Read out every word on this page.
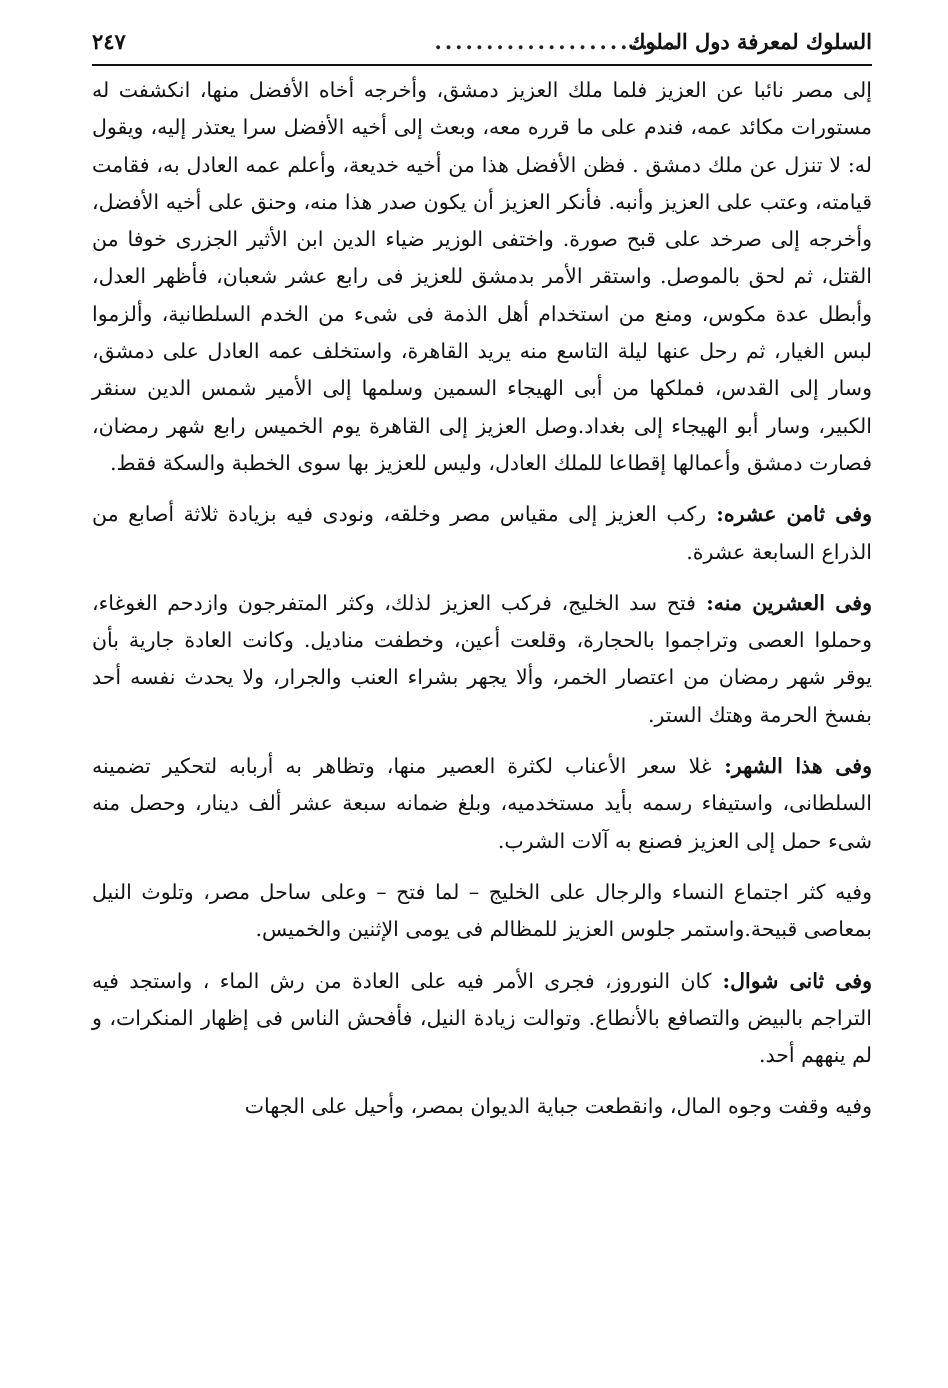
السلوك لمعرفة دول الملوك
........................
٢٤٧

إلى مصر نائبا عن العزيز فلما ملك العزيز دمشق، وأخرجه أخاه الأفضل منها، انكشفت له مستورات مكائد عمه، فندم على ما قرره معه، وبعث إلى أخيه الأفضل سرا يعتذر إليه، ويقول له: لا تنزل عن ملك دمشق . فظن الأفضل هذا من أخيه خديعة، وأعلم عمه العادل به، فقامت قيامته، وعتب على العزيز وأنبه. فأنكر العزيز أن يكون صدر هذا منه، وحنق على أخيه الأفضل، وأخرجه إلى صرخد على قبح صورة. واختفى الوزير ضياء الدين ابن الأثير الجزرى خوفا من القتل، ثم لحق بالموصل. واستقر الأمر بدمشق للعزيز فى رابع عشر شعبان، فأظهر العدل، وأبطل عدة مكوس، ومنع من استخدام أهل الذمة فى شىء من الخدم السلطانية، وألزموا لبس الغيار، ثم رحل عنها ليلة التاسع منه يريد القاهرة، واستخلف عمه العادل على دمشق، وسار إلى القدس، فملكها من أبى الهيجاء السمين وسلمها إلى الأمير شمس الدين سنقر الكبير، وسار أبو الهيجاء إلى بغداد.وصل العزيز إلى القاهرة يوم الخميس رابع شهر رمضان، فصارت دمشق وأعمالها إقطاعا للملك العادل، وليس للعزيز بها سوى الخطبة والسكة فقط.

وفى ثامن عشره:ركب العزيز إلى مقياس مصر وخلقه، ونودى فيه بزيادة ثلاثة أصابع من الذراع السابعة عشرة.

وفى العشرين منه:فتح سد الخليج، فركب العزيز لذلك، وكثر المتفرجون وازدحم الغوغاء، وحملوا العصى وتراجموا بالحجارة، وقلعت أعين، وخطفت مناديل. وكانت العادة جارية بأن يوقر شهر رمضان من اعتصار الخمر، وألا يجهر بشراء العنب والجرار، ولا يحدث نفسه أحد بفسخ الحرمة وهتك الستر.

وفى هذا الشهر:غلا سعر الأعناب لكثرة العصير منها، وتظاهر به أربابه لتحكير تضمينه السلطانى، واستيفاء رسمه بأيد مستخدميه، وبلغ ضمانه سبعة عشر ألف دينار، وحصل منه شىء حمل إلى العزيز فصنع به آلات الشرب.

وفيه كثر اجتماع النساء والرجال على الخليج – لما فتح – وعلى ساحل مصر، وتلوث النيل بمعاصى قبيحة.واستمر جلوس العزيز للمظالم فى يومى الإثنين والخميس.

وفى ثانى شوال:كان النوروز، فجرى الأمر فيه على العادة من رش الماء ، واستجد فيه التراجم بالبيض والتصافع بالأنطاع. وتوالت زيادة النيل، فأفحش الناس فى إظهار المنكرات، و لم ينههم أحد.

وفيه وقفت وجوه المال، وانقطعت جباية الديوان بمصر، وأحيل على الجهات
